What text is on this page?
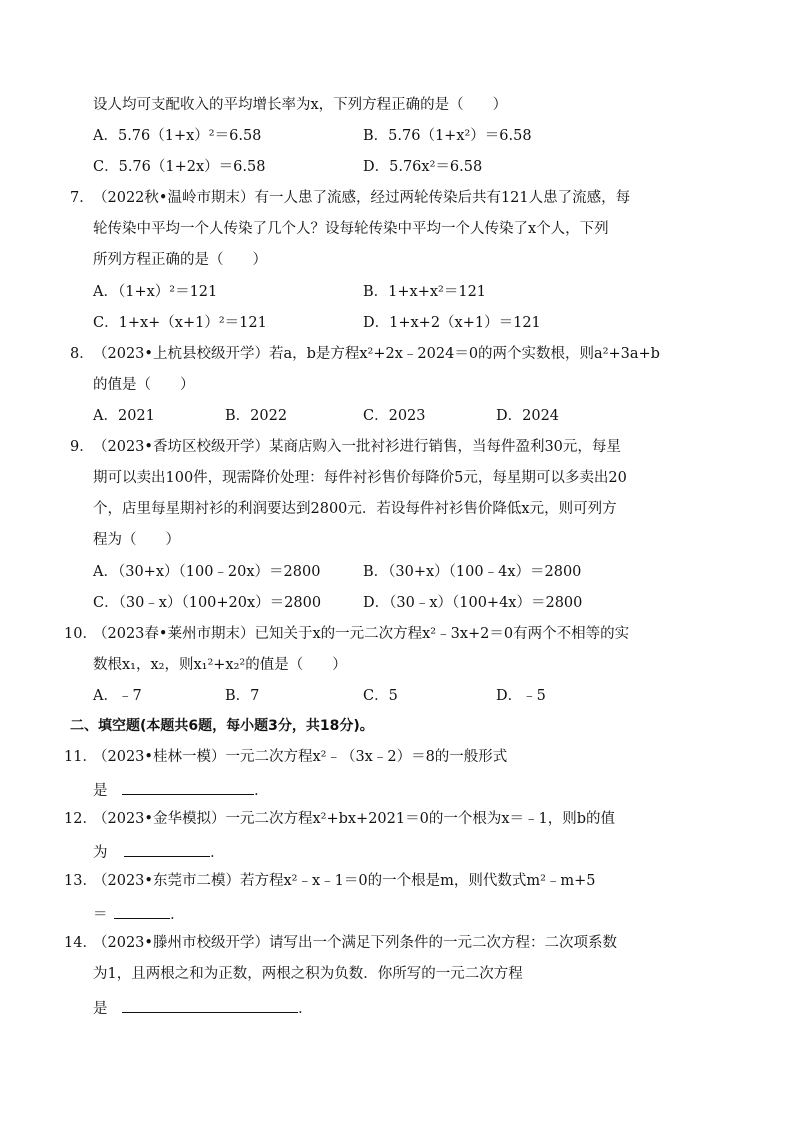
设人均可支配收入的平均增长率为x，下列方程正确的是（　　）
A．5.76（1+x）²＝6.58	B．5.76（1+x²）＝6.58
C．5.76（1+2x）＝6.58	D．5.76x²＝6.58
7． （2022秋•温岭市期末）有一人患了流感，经过两轮传染后共有121人患了流感，每
轮传染中平均一个人传染了几个人？设每轮传染中平均一个人传染了x个人，下列
所列方程正确的是（　　）
A．（1+x）²＝121	B．1+x+x²＝121
C．1+x+（x+1）²＝121	D．1+x+2（x+1）＝121
8． （2023•上杭县校级开学）若a，b是方程x²+2x﹣2024＝0的两个实数根，则a²+3a+b
的值是（　　）
A．2021	B．2022	C．2023	D．2024
9． （2023•香坊区校级开学）某商店购入一批衬衫进行销售，当每件盈利30元，每星
期可以卖出100件，现需降价处理：每件衬衫售价每降价5元，每星期可以多卖出20
个，店里每星期衬衫的利润要达到2800元．若设每件衬衫售价降低x元，则可列方
程为（　　）
A．（30+x）（100﹣20x）＝2800	B．（30+x）（100﹣4x）＝2800
C．（30﹣x）（100+20x）＝2800	D．（30﹣x）（100+4x）＝2800
10．
（2023春•莱州市期末）已知关于x的一元二次方程x²﹣3x+2＝0有两个不相等的实
数根x₁，x₂，则x₁²+x₂²的值是（　　）
A．﹣7	B．7	C．5	D．﹣5
二、填空题(本题共6题，每小题3分，共18分)。
11．
（2023•桂林一模）一元二次方程x²﹣（3x﹣2）＝8的一般形式
是	．
12．
（2023•金华模拟）一元二次方程x²+bx+2021＝0的一个根为x＝﹣1，则b的值
为	．
13．
（2023•东莞市二模）若方程x²﹣x﹣1＝0的一个根是m，则代数式m²﹣m+5
＝	．
14．
（2023•滕州市校级开学）请写出一个满足下列条件的一元二次方程：二次项系数
为1，且两根之和为正数，两根之积为负数．你所写的一元二次方程
是	．
